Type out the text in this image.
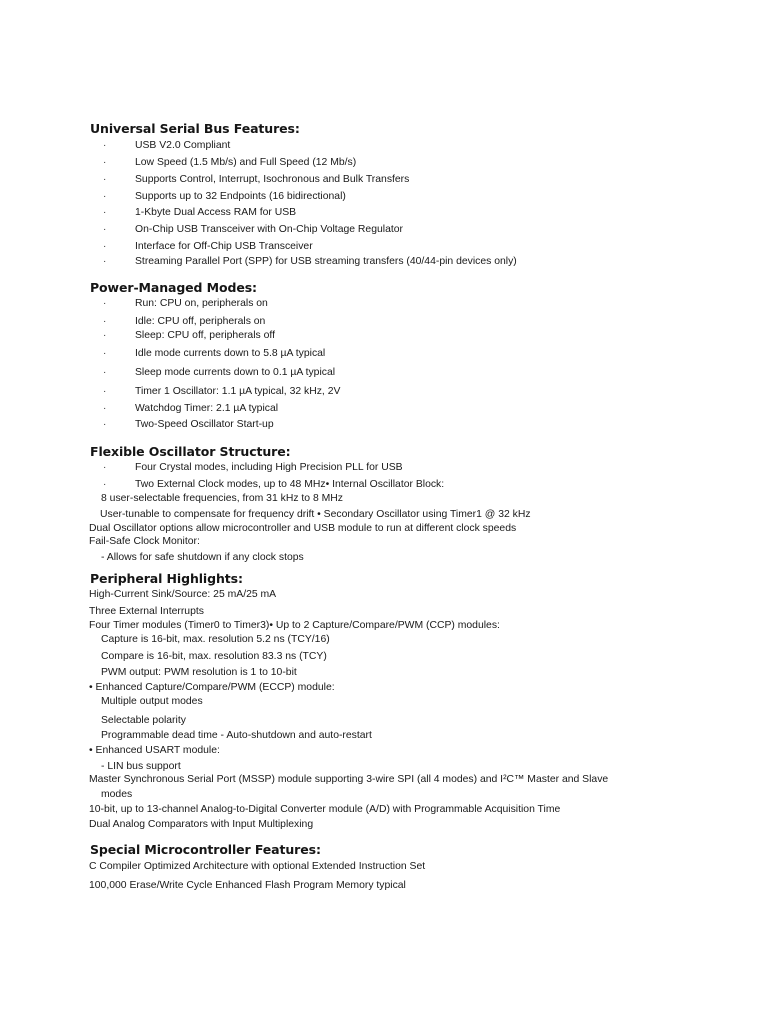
Universal Serial Bus Features:
·	USB V2.0 Compliant
·	Low Speed (1.5 Mb/s) and Full Speed (12 Mb/s)
·	Supports Control, Interrupt, Isochronous and Bulk Transfers
·	Supports up to 32 Endpoints (16 bidirectional)
·	1-Kbyte Dual Access RAM for USB
·	On-Chip USB Transceiver with On-Chip Voltage Regulator
·	Interface for Off-Chip USB Transceiver
·	Streaming Parallel Port (SPP) for USB streaming transfers (40/44-pin devices only)
Power-Managed Modes:
·	Run: CPU on, peripherals on
·	Idle: CPU off, peripherals on
·	Sleep: CPU off, peripherals off
·	Idle mode currents down to 5.8 µA typical
·	Sleep mode currents down to 0.1 µA typical
·	Timer 1 Oscillator: 1.1 µA typical, 32 kHz, 2V
·	Watchdog Timer: 2.1 µA typical
·	Two-Speed Oscillator Start-up
Flexible Oscillator Structure:
·	Four Crystal modes, including High Precision PLL for USB
·	Two External Clock modes, up to 48 MHz• Internal Oscillator Block:
8 user-selectable frequencies, from 31 kHz to 8 MHz
User-tunable to compensate for frequency drift • Secondary Oscillator using Timer1 @ 32 kHz
Dual Oscillator options allow microcontroller and USB module to run at different clock speeds
Fail-Safe Clock Monitor:
- Allows for safe shutdown if any clock stops
Peripheral Highlights:
High-Current Sink/Source: 25 mA/25 mA
Three External Interrupts
Four Timer modules (Timer0 to Timer3)• Up to 2 Capture/Compare/PWM (CCP) modules:
Capture is 16-bit, max. resolution 5.2 ns (TCY/16)
Compare is 16-bit, max. resolution 83.3 ns (TCY)
PWM output: PWM resolution is 1 to 10-bit
• Enhanced Capture/Compare/PWM (ECCP) module:
Multiple output modes
Selectable polarity
Programmable dead time - Auto-shutdown and auto-restart
• Enhanced USART module:
- LIN bus support
Master Synchronous Serial Port (MSSP) module supporting 3-wire SPI (all 4 modes) and I²C™ Master and Slave
modes
10-bit, up to 13-channel Analog-to-Digital Converter module (A/D) with Programmable Acquisition Time
Dual Analog Comparators with Input Multiplexing
Special Microcontroller Features:
C Compiler Optimized Architecture with optional Extended Instruction Set
100,000 Erase/Write Cycle Enhanced Flash Program Memory typical
